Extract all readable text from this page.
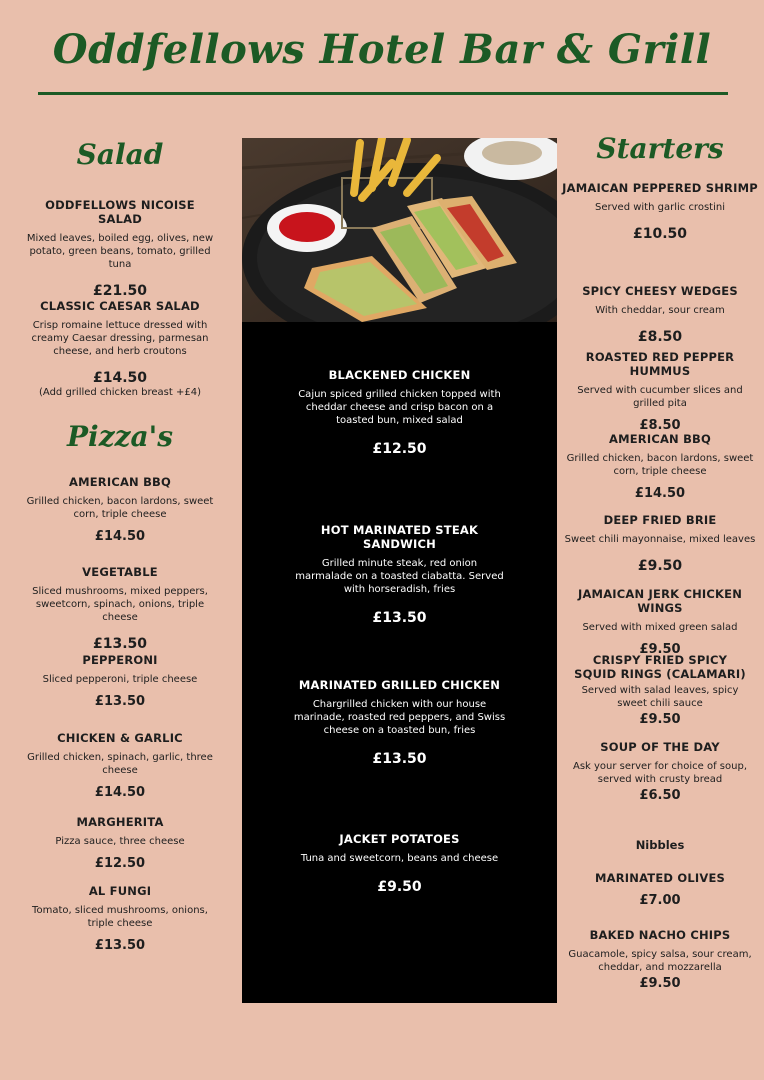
Oddfellows Hotel Bar & Grill
Salad
ODDFELLOWS NICOISE SALAD
Mixed leaves, boiled egg, olives, new potato, green beans, tomato, grilled tuna
£21.50
CLASSIC CAESAR SALAD
Crisp romaine lettuce dressed with creamy Caesar dressing, parmesan cheese, and herb croutons
£14.50
(Add grilled chicken breast +£4)
Pizza's
AMERICAN BBQ
Grilled chicken, bacon lardons, sweet corn, triple cheese
£14.50
VEGETABLE
Sliced mushrooms, mixed peppers, sweetcorn, spinach, onions, triple cheese
£13.50
PEPPERONI
Sliced pepperoni, triple cheese
£13.50
CHICKEN & GARLIC
Grilled chicken, spinach, garlic, three cheese
£14.50
MARGHERITA
Pizza sauce, three cheese
£12.50
AL FUNGI
Tomato, sliced mushrooms, onions, triple cheese
£13.50
BLACKENED CHICKEN
Cajun spiced grilled chicken topped with cheddar cheese and crisp bacon on a toasted bun, mixed salad
£12.50
HOT MARINATED STEAK SANDWICH
Grilled minute steak, red onion marmalade on a toasted ciabatta. Served with horseradish, fries
£13.50
MARINATED GRILLED CHICKEN
Chargrilled chicken with our house marinade, roasted red peppers, and Swiss cheese on a toasted bun, fries
£13.50
JACKET POTATOES
Tuna and sweetcorn, beans and cheese
£9.50
Starters
JAMAICAN PEPPERED SHRIMP
Served with garlic crostini
£10.50
SPICY CHEESY WEDGES
With cheddar, sour cream
£8.50
ROASTED RED PEPPER HUMMUS
Served with cucumber slices and grilled pita
£8.50
AMERICAN BBQ
Grilled chicken, bacon lardons, sweet corn, triple cheese
£14.50
DEEP FRIED BRIE
Sweet chili mayonnaise, mixed leaves
£9.50
JAMAICAN JERK CHICKEN WINGS
Served with mixed green salad
£9.50
CRISPY FRIED SPICY SQUID RINGS (CALAMARI)
Served with salad leaves, spicy sweet chili sauce
£9.50
SOUP OF THE DAY
Ask your server for choice of soup, served with crusty bread
£6.50
Nibbles
MARINATED OLIVES
£7.00
BAKED NACHO CHIPS
Guacamole, spicy salsa, sour cream, cheddar, and mozzarella
£9.50
